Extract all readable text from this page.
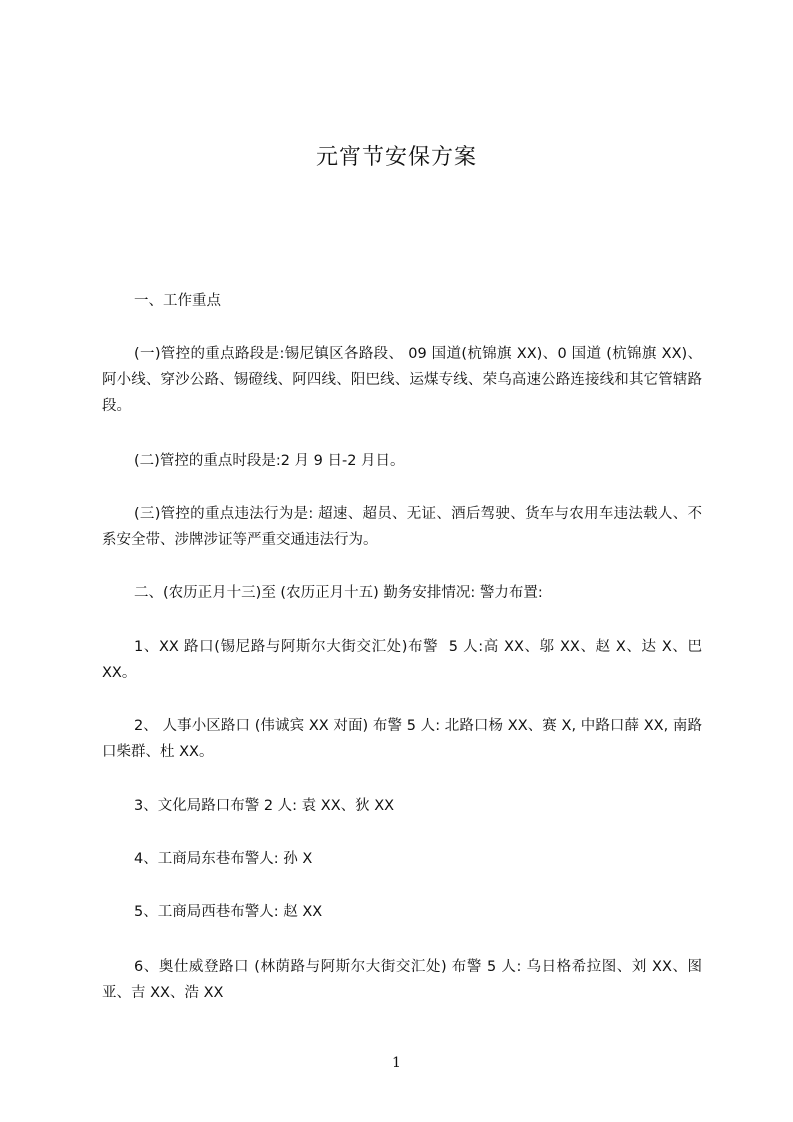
元宵节安保方案
一、工作重点
(一)管控的重点路段是:锡尼镇区各路段、 09 国道(杭锦旗 XX)、0 国道 (杭锦旗 XX)、阿小线、穿沙公路、锡磴线、阿四线、阳巴线、运煤专线、荣乌高速公路连接线和其它管辖路段。
(二)管控的重点时段是:2 月 9 日-2 月日。
(三)管控的重点违法行为是: 超速、超员、无证、酒后驾驶、货车与农用车违法载人、不系安全带、涉牌涉证等严重交通违法行为。
二、(农历正月十三)至 (农历正月十五) 勤务安排情况: 警力布置:
1、XX 路口(锡尼路与阿斯尔大街交汇处)布警  5 人:高 XX、邬 XX、赵 X、达 X、巴 XX。
2、 人事小区路口 (伟诚宾 XX 对面) 布警 5 人: 北路口杨 XX、赛 X, 中路口薛 XX, 南路口柴群、杜 XX。
3、文化局路口布警 2 人: 袁 XX、狄 XX
4、工商局东巷布警人: 孙 X
5、工商局西巷布警人: 赵 XX
6、奥仕威登路口 (林荫路与阿斯尔大街交汇处) 布警 5 人: 乌日格希拉图、刘 XX、图亚、吉 XX、浩 XX
1
